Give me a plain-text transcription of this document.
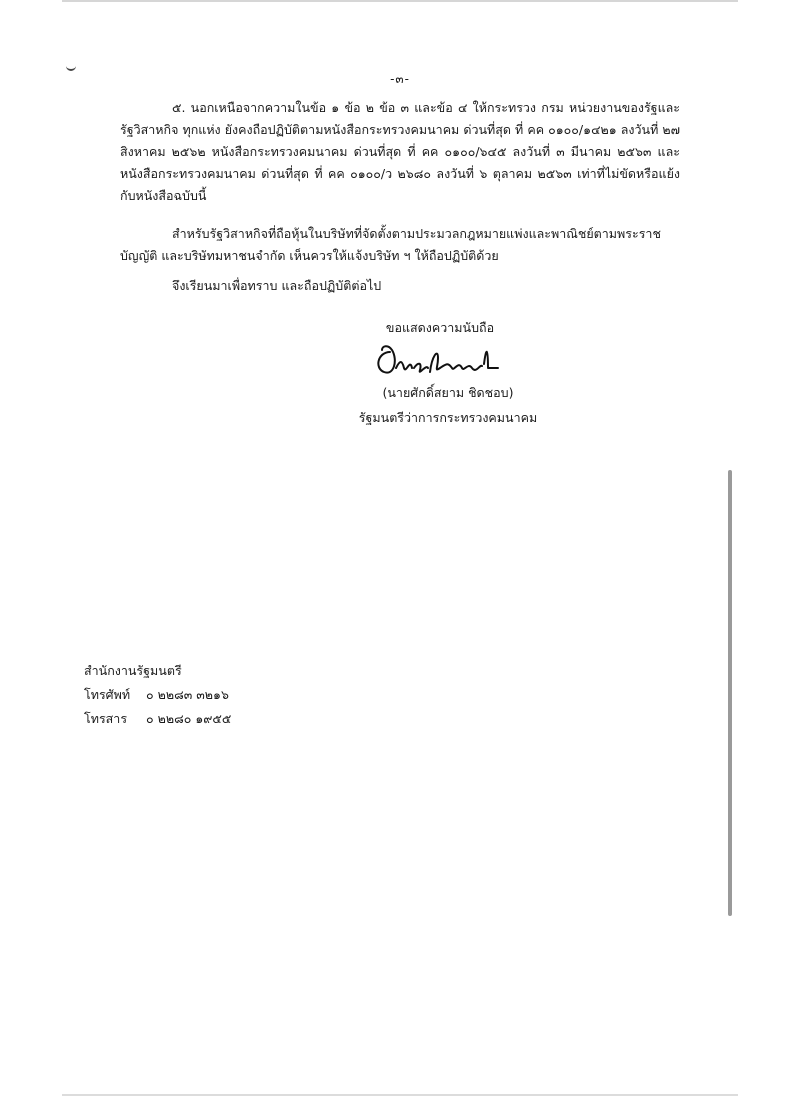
-๓-

๕. นอกเหนือจากความในข้อ ๑ ข้อ ๒ ข้อ ๓ และข้อ ๔ ให้กระทรวง กรม หน่วยงานของรัฐและรัฐวิสาหกิจ ทุกแห่ง ยังคงถือปฏิบัติตามหนังสือกระทรวงคมนาคม ด่วนที่สุด ที่ คค ๐๑๐๐/๑๔๒๑ ลงวันที่ ๒๗ สิงหาคม ๒๕๖๒ หนังสือกระทรวงคมนาคม ด่วนที่สุด ที่ คค ๐๑๐๐/๖๔๕ ลงวันที่ ๓ มีนาคม ๒๕๖๓ และหนังสือกระทรวงคมนาคม ด่วนที่สุด ที่ คค ๐๑๐๐/ว ๒๖๘๐ ลงวันที่ ๖ ตุลาคม ๒๕๖๓ เท่าที่ไม่ขัดหรือแย้งกับหนังสือฉบับนี้

สำหรับรัฐวิสาหกิจที่ถือหุ้นในบริษัทที่จัดตั้งตามประมวลกฎหมายแพ่งและพาณิชย์ตามพระราชบัญญัติ และบริษัทมหาชนจำกัด เห็นควรให้แจ้งบริษัท ฯ ให้ถือปฏิบัติด้วย

จึงเรียนมาเพื่อทราบ และถือปฏิบัติต่อไป

ขอแสดงความนับถือ

(นายศักดิ์สยาม ชิดชอบ)

รัฐมนตรีว่าการกระทรวงคมนาคม

สำนักงานรัฐมนตรี

โทรศัพท์ ๐ ๒๒๘๓ ๓๒๑๖

โทรสาร ๐ ๒๒๘๐ ๑๙๕๕
